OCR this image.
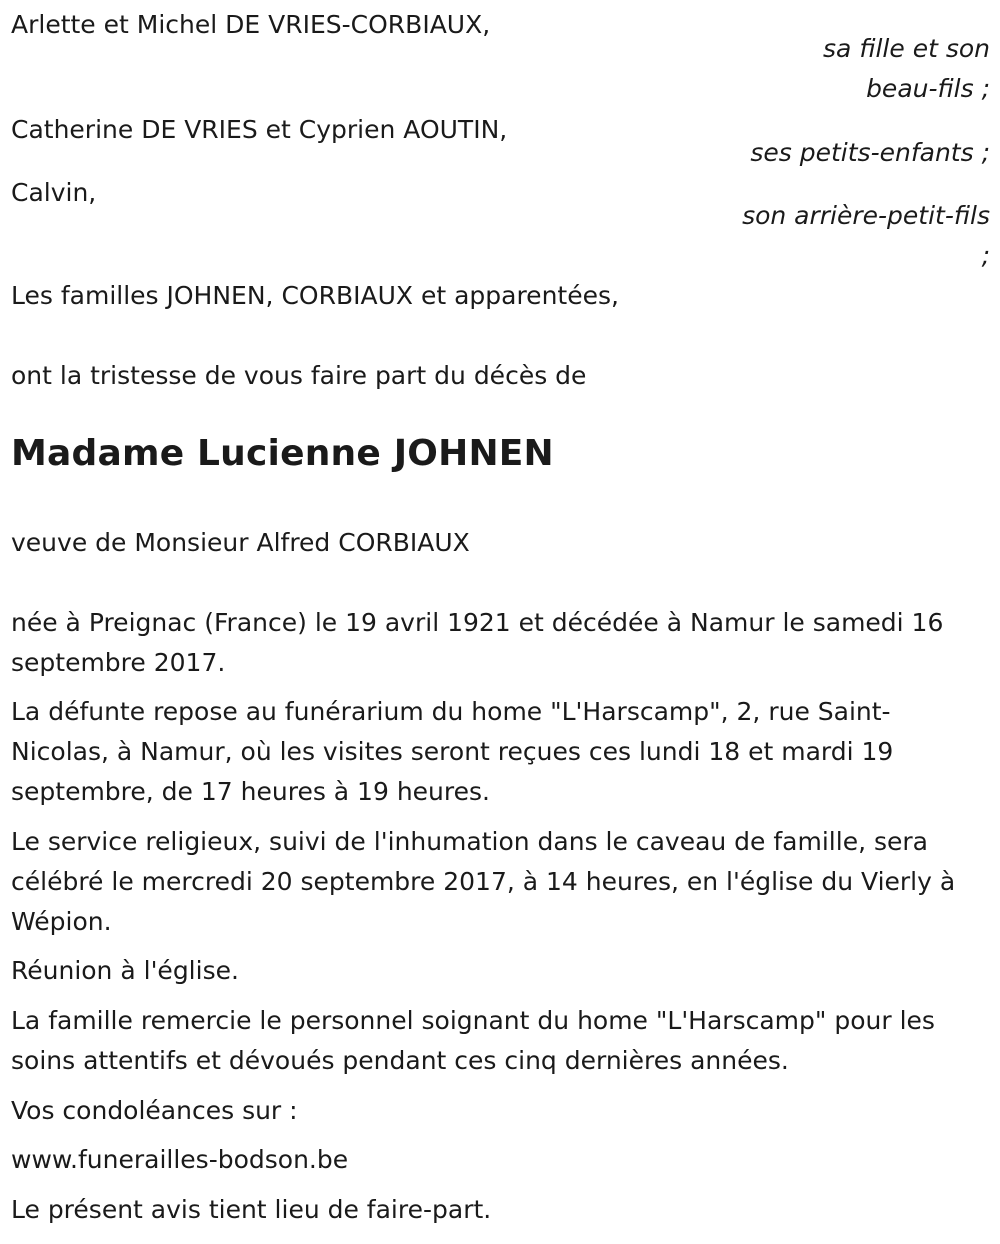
Arlette et Michel DE VRIES-CORBIAUX,
sa fille et son
beau-fils ;
Catherine DE VRIES et Cyprien AOUTIN,
ses petits-enfants ;
Calvin,
son arrière-petit-fils
;
Les familles JOHNEN, CORBIAUX et apparentées,
ont la tristesse de vous faire part du décès de
Madame Lucienne JOHNEN
veuve de Monsieur Alfred CORBIAUX
née à Preignac (France) le 19 avril 1921 et décédée à Namur le samedi 16 septembre 2017.
La défunte repose au funérarium du home "L'Harscamp", 2, rue Saint-Nicolas, à Namur, où les visites seront reçues ces lundi 18 et mardi 19 septembre, de 17 heures à 19 heures.
Le service religieux, suivi de l'inhumation dans le caveau de famille, sera célébré le mercredi 20 septembre 2017, à 14 heures, en l'église du Vierly à Wépion.
Réunion à l'église.
La famille remercie le personnel soignant du home "L'Harscamp" pour les soins attentifs et dévoués pendant ces cinq dernières années.
Vos condoléances sur :
www.funerailles-bodson.be
Le présent avis tient lieu de faire-part.
